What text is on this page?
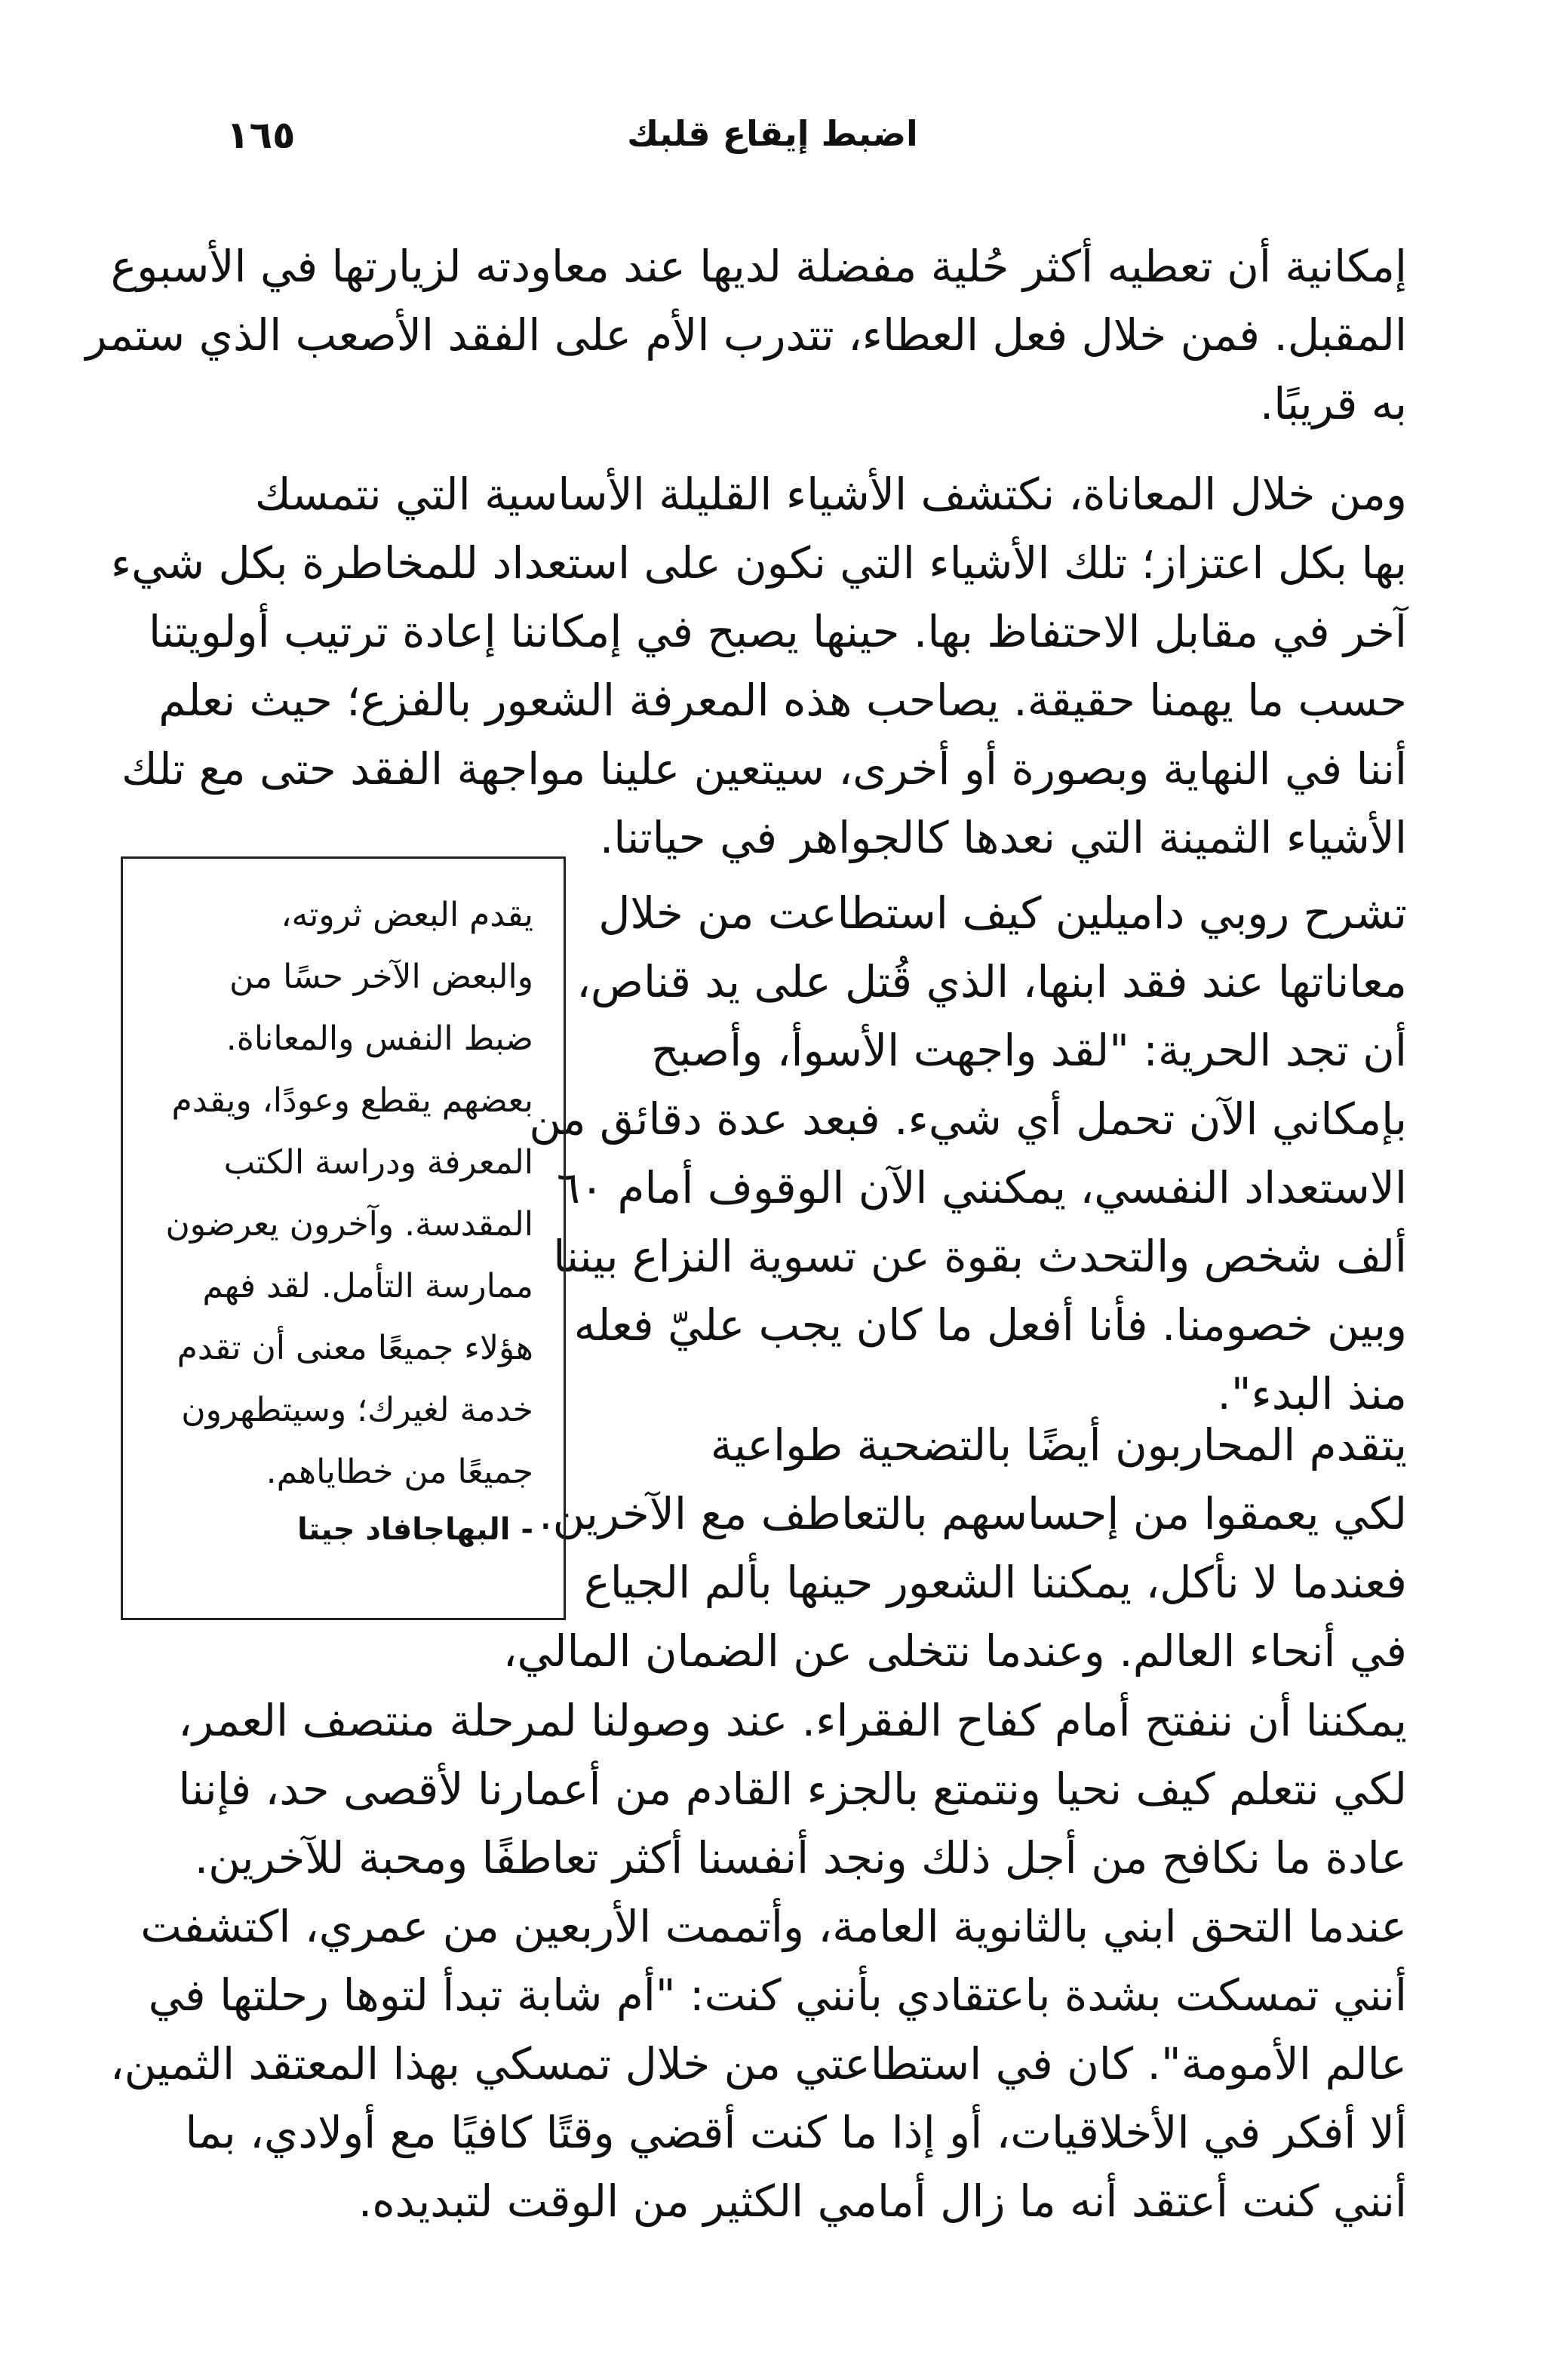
١٦٥	اضبط إيقاع قلبك
إمكانية أن تعطيه أكثر حُلية مفضلة لديها عند معاودته لزيارتها في الأسبوع
المقبل. فمن خلال فعل العطاء، تتدرب الأم على الفقد الأصعب الذي ستمر
به قريبًا.
ومن خلال المعاناة، نكتشف الأشياء القليلة الأساسية التي نتمسك
بها بكل اعتزاز؛ تلك الأشياء التي نكون على استعداد للمخاطرة بكل شيء
آخر في مقابل الاحتفاظ بها. حينها يصبح في إمكاننا إعادة ترتيب أولويتنا
حسب ما يهمنا حقيقة. يصاحب هذه المعرفة الشعور بالفزع؛ حيث نعلم
أننا في النهاية وبصورة أو أخرى، سيتعين علينا مواجهة الفقد حتى مع تلك
الأشياء الثمينة التي نعدها كالجواهر في حياتنا.
تشرح روبي داميلين كيف استطاعت من خلال
معاناتها عند فقد ابنها، الذي قُتل على يد قناص،
أن تجد الحرية: "لقد واجهت الأسوأ، وأصبح
بإمكاني الآن تحمل أي شيء. فبعد عدة دقائق من
الاستعداد النفسي، يمكنني الآن الوقوف أمام ٦٠
ألف شخص والتحدث بقوة عن تسوية النزاع بيننا
وبين خصومنا. فأنا أفعل ما كان يجب عليّ فعله
منذ البدء".
يتقدم المحاربون أيضًا بالتضحية طواعية
لكي يعمقوا من إحساسهم بالتعاطف مع الآخرين.
فعندما لا نأكل، يمكننا الشعور حينها بألم الجياع
في أنحاء العالم. وعندما نتخلى عن الضمان المالي،
يمكننا أن ننفتح أمام كفاح الفقراء. عند وصولنا لمرحلة منتصف العمر،
لكي نتعلم كيف نحيا ونتمتع بالجزء القادم من أعمارنا لأقصى حد، فإننا
عادة ما نكافح من أجل ذلك ونجد أنفسنا أكثر تعاطفًا ومحبة للآخرين.
عندما التحق ابني بالثانوية العامة، وأتممت الأربعين من عمري، اكتشفت
أنني تمسكت بشدة باعتقادي بأنني كنت: "أم شابة تبدأ لتوها رحلتها في
عالم الأمومة". كان في استطاعتي من خلال تمسكي بهذا المعتقد الثمين،
ألا أفكر في الأخلاقيات، أو إذا ما كنت أقضي وقتًا كافيًا مع أولادي، بما
أنني كنت أعتقد أنه ما زال أمامي الكثير من الوقت لتبديده.
يقدم البعض ثروته،
والبعض الآخر حسًا من
ضبط النفس والمعاناة.
بعضهم يقطع وعودًا، ويقدم
المعرفة ودراسة الكتب
المقدسة. وآخرون يعرضون
ممارسة التأمل. لقد فهم
هؤلاء جميعًا معنى أن تقدم
خدمة لغيرك؛ وسيتطهرون
جميعًا من خطاياهم.
- البهاجافاد جيتا
